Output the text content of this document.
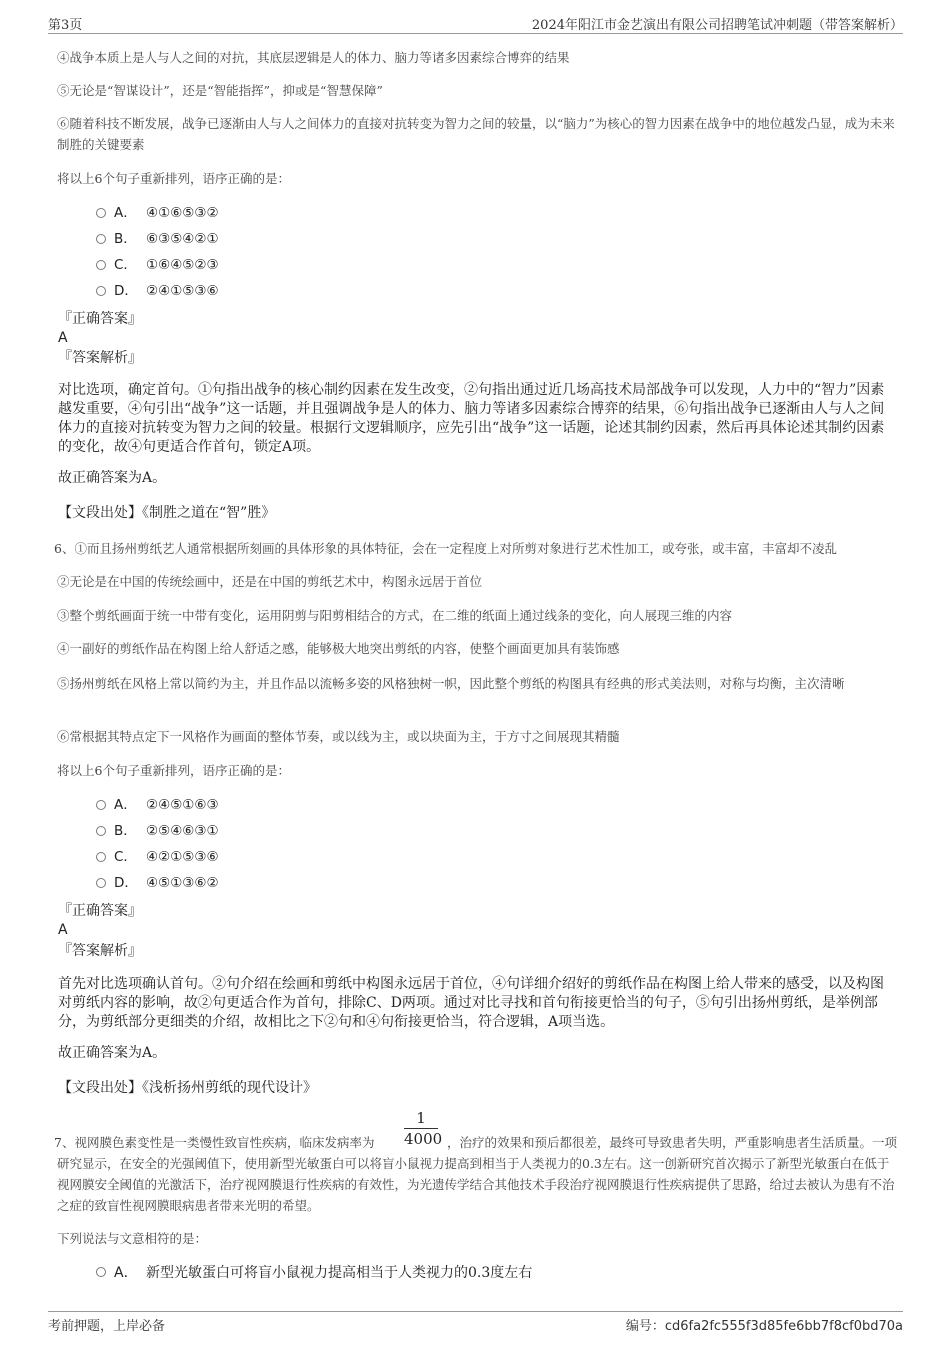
第3页	2024年阳江市金艺演出有限公司招聘笔试冲刺题（带答案解析）
④战争本质上是人与人之间的对抗，其底层逻辑是人的体力、脑力等诸多因素综合博弈的结果
⑤无论是“智谋设计”，还是“智能指挥”，抑或是“智慧保障”
⑥随着科技不断发展，战争已逐渐由人与人之间体力的直接对抗转变为智力之间的较量，以“脑力”为核心的智力因素在战争中的地位越发凸显，成为未来制胜的关键要素
将以上6个句子重新排列，语序正确的是：
A． ④①⑥⑤③②
B． ⑥③⑤④②①
C． ①⑥④⑤②③
D． ②④①⑤③⑥
『正确答案』
A
『答案解析』
对比选项，确定首句。①句指出战争的核心制约因素在发生改变，②句指出通过近几场高技术局部战争可以发现，人力中的“智力”因素越发重要，④句引出“战争”这一话题，并且强调战争是人的体力、脑力等诸多因素综合博弈的结果，⑥句指出战争已逐渐由人与人之间体力的直接对抗转变为智力之间的较量。根据行文逻辑顺序，应先引出“战争”这一话题，论述其制约因素，然后再具体论述其制约因素的变化，故④句更适合作首句，锁定A项。
故正确答案为A。
【文段出处】《制胜之道在“智”胜》
6、①而且扬州剪纸艺人通常根据所刻画的具体形象的具体特征，会在一定程度上对所剪对象进行艺术性加工，或夸张，或丰富，丰富却不凌乱
②无论是在中国的传统绘画中，还是在中国的剪纸艺术中，构图永远居于首位
③整个剪纸画面于统一中带有变化，运用阴剪与阳剪相结合的方式，在二维的纸面上通过线条的变化，向人展现三维的内容
④一副好的剪纸作品在构图上给人舒适之感，能够极大地突出剪纸的内容，使整个画面更加具有装饰感
⑤扬州剪纸在风格上常以简约为主，并且作品以流畅多姿的风格独树一帜，因此整个剪纸的构图具有经典的形式美法则，对称与均衡，主次清晰
⑥常根据其特点定下一风格作为画面的整体节奏，或以线为主，或以块面为主，于方寸之间展现其精髓
将以上6个句子重新排列，语序正确的是：
A． ②④⑤①⑥③
B． ②⑤④⑥③①
C． ④②①⑤③⑥
D． ④⑤①③⑥②
『正确答案』
A
『答案解析』
首先对比选项确认首句。②句介绍在绘画和剪纸中构图永远居于首位，④句详细介绍好的剪纸作品在构图上给人带来的感受，以及构图对剪纸内容的影响，故②句更适合作为首句，排除C、D两项。通过对比寻找和首句衔接更恰当的句子，⑤句引出扬州剪纸，是举例部分，为剪纸部分更细类的介绍，故相比之下②句和④句衔接更恰当，符合逻辑，A项当选。
故正确答案为A。
【文段出处】《浅析扬州剪纸的现代设计》
7、视网膜色素变性是一类慢性致盲性疾病，临床发病率为
1
4000 ，治疗的效果和预后都很差，最终可导致患者失明，严重影响患者生活质量。一项研究显示，在安全的光强阈值下，使用新型光敏蛋白可以将盲小鼠视力提高到相当于人类视力的0.3左右。这一创新研究首次揭示了新型光敏蛋白在低于视网膜安全阈值的光激活下，治疗视网膜退行性疾病的有效性，为光遗传学结合其他技术手段治疗视网膜退行性疾病提供了思路，给过去被认为患有不治之症的致盲性视网膜眼病患者带来光明的希望。
下列说法与文意相符的是：
A． 新型光敏蛋白可将盲小鼠视力提高相当于人类视力的0.3度左右
考前押题，上岸必备	编号：cd6fa2fc555f3d85fe6bb7f8cf0bd70a
